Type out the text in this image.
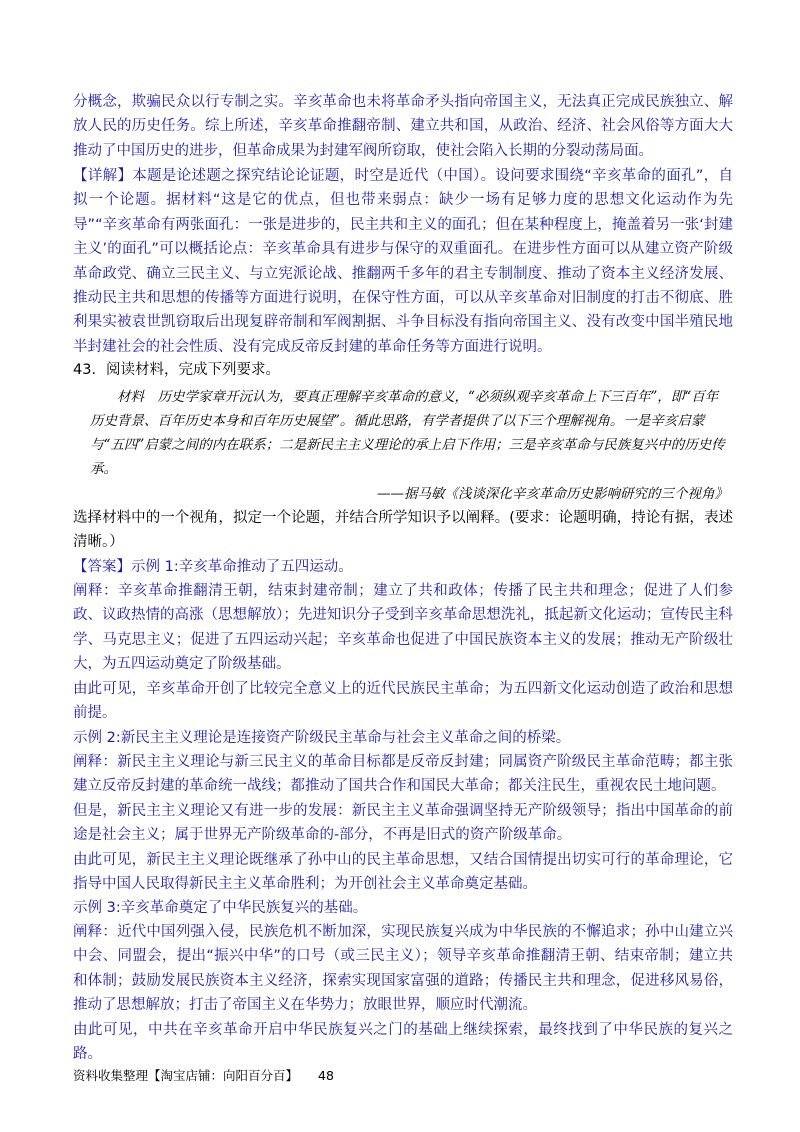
分概念，欺骗民众以行专制之实。辛亥革命也未将革命矛头指向帝国主义，无法真正完成民族独立、解放人民的历史任务。综上所述，辛亥革命推翻帝制、建立共和国，从政治、经济、社会风俗等方面大大推动了中国历史的进步，但革命成果为封建军阀所窃取，使社会陷入长期的分裂动荡局面。

【详解】本题是论述题之探究结论论证题，时空是近代（中国）。设问要求围绕“辛亥革命的面孔”，自拟一个论题。据材料“这是它的优点，但也带来弱点：缺少一场有足够力度的思想文化运动作为先导”“辛亥革命有两张面孔：一张是进步的，民主共和主义的面孔；但在某种程度上，掩盖着另一张‘封建主义’的面孔”可以概括论点：辛亥革命具有进步与保守的双重面孔。在进步性方面可以从建立资产阶级革命政党、确立三民主义、与立宪派论战、推翻两千多年的君主专制制度、推动了资本主义经济发展、推动民主共和思想的传播等方面进行说明，在保守性方面，可以从辛亥革命对旧制度的打击不彻底、胜利果实被袁世凯窃取后出现复辟帝制和军阀割据、斗争目标没有指向帝国主义、没有改变中国半殖民地半封建社会的社会性质、没有完成反帝反封建的革命任务等方面进行说明。

43．阅读材料，完成下列要求。

材料　历史学家章开沅认为，要真正理解辛亥革命的意义，“必须纵观辛亥革命上下三百年”，即“百年历史背景、百年历史本身和百年历史展望”。循此思路，有学者提供了以下三个理解视角。一是辛亥启蒙与“五四”启蒙之间的内在联系；二是新民主主义理论的承上启下作用；三是辛亥革命与民族复兴中的历史传承。

——据马敏《浅谈深化辛亥革命历史影响研究的三个视角》

选择材料中的一个视角，拟定一个论题，并结合所学知识予以阐释。(要求：论题明确，持论有据，表述清晰。）

【答案】示例 1:辛亥革命推动了五四运动。

阐释：辛亥革命推翻清王朝，结束封建帝制；建立了共和政体；传播了民主共和理念；促进了人们参政、议政热情的高涨（思想解放）；先进知识分子受到辛亥革命思想洗礼，抵起新文化运动；宣传民主科学、马克思主义；促进了五四运动兴起；辛亥革命也促进了中国民族资本主义的发展；推动无产阶级壮大，为五四运动奠定了阶级基础。

由此可见，辛亥革命开创了比较完全意义上的近代民族民主革命；为五四新文化运动创造了政治和思想前提。

示例 2:新民主主义理论是连接资产阶级民主革命与社会主义革命之间的桥梁。

阐释：新民主主义理论与新三民主义的革命目标都是反帝反封建；同属资产阶级民主革命范畴；都主张建立反帝反封建的革命统一战线；都推动了国共合作和国民大革命；都关注民生，重视农民土地问题。

但是，新民主主义理论又有进一步的发展：新民主主义革命强调坚持无产阶级领导；指出中国革命的前途是社会主义；属于世界无产阶级革命的-部分，不再是旧式的资产阶级革命。

由此可见，新民主主义理论既继承了孙中山的民主革命思想，又结合国情提出切实可行的革命理论，它指导中国人民取得新民主主义革命胜利；为开创社会主义革命奠定基础。

示例 3:辛亥革命奠定了中华民族复兴的基础。

阐释：近代中国列强入侵，民族危机不断加深，实现民族复兴成为中华民族的不懈追求；孙中山建立兴中会、同盟会，提出“振兴中华”的口号（或三民主义）；领导辛亥革命推翻清王朝、结束帝制；建立共和体制；鼓励发展民族资本主义经济，探索实现国家富强的道路；传播民主共和理念，促进移风易俗，推动了思想解放；打击了帝国主义在华势力；放眼世界，顺应时代潮流。

由此可见，中共在辛亥革命开启中华民族复兴之门的基础上继续探索，最终找到了中华民族的复兴之路。

资料收集整理【淘宝店铺：向阳百分百】 48
